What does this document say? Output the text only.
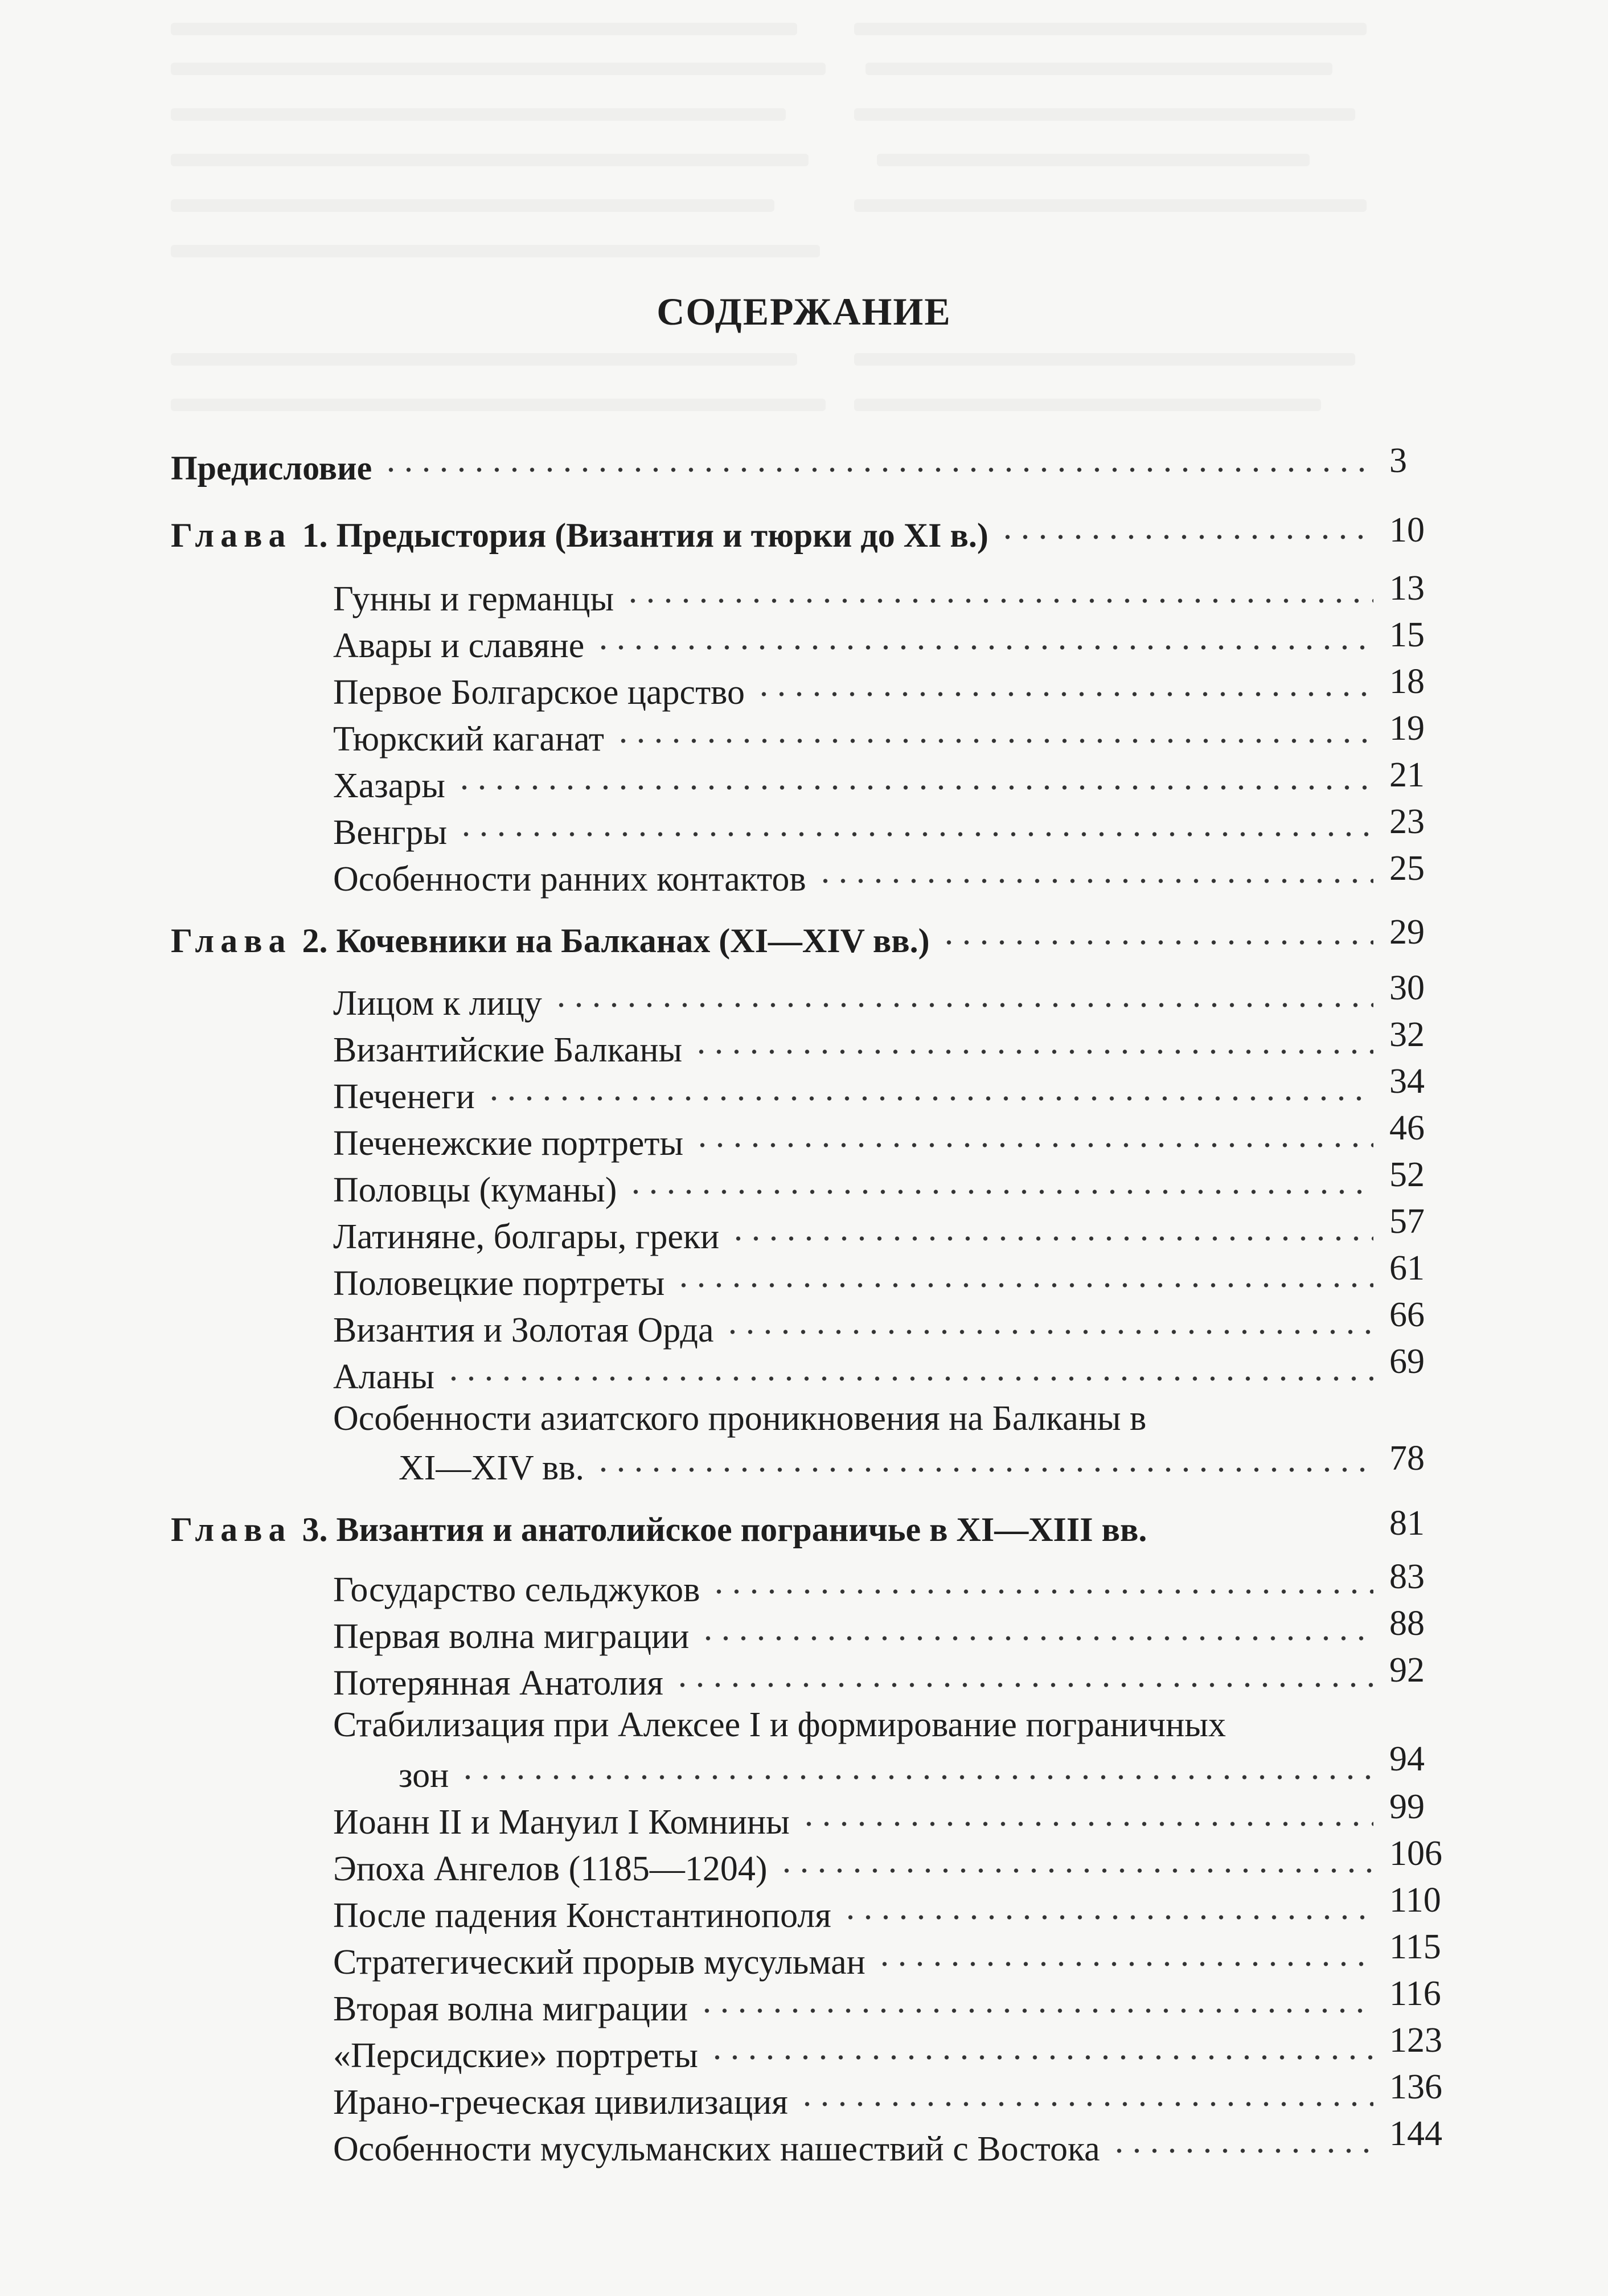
СОДЕРЖАНИЕ
Предисловие	3
Глава 1. Предыстория (Византия и тюрки до XI в.)	10
Гунны и германцы	13
Авары и славяне	15
Первое Болгарское царство	18
Тюркский каганат	19
Хазары	21
Венгры	23
Особенности ранних контактов	25
Глава 2. Кочевники на Балканах (XI—XIV вв.)	29
Лицом к лицу	30
Византийские Балканы	32
Печенеги	34
Печенежские портреты	46
Половцы (куманы)	52
Латиняне, болгары, греки	57
Половецкие портреты	61
Византия и Золотая Орда	66
Аланы	69
Особенности азиатского проникновения на Балканы в
XI—XIV вв.	78
Глава 3. Византия и анатолийское пограничье в XI—XIII вв.	81
Государство сельджуков	83
Первая волна миграции	88
Потерянная Анатолия	92
Стабилизация при Алексее I и формирование пограничных
зон	94
Иоанн II и Мануил I Комнины	99
Эпоха Ангелов (1185—1204)	106
После падения Константинополя	110
Стратегический прорыв мусульман	115
Вторая волна миграции	116
«Персидские» портреты	123
Ирано-греческая цивилизация	136
Особенности мусульманских нашествий с Востока	144
